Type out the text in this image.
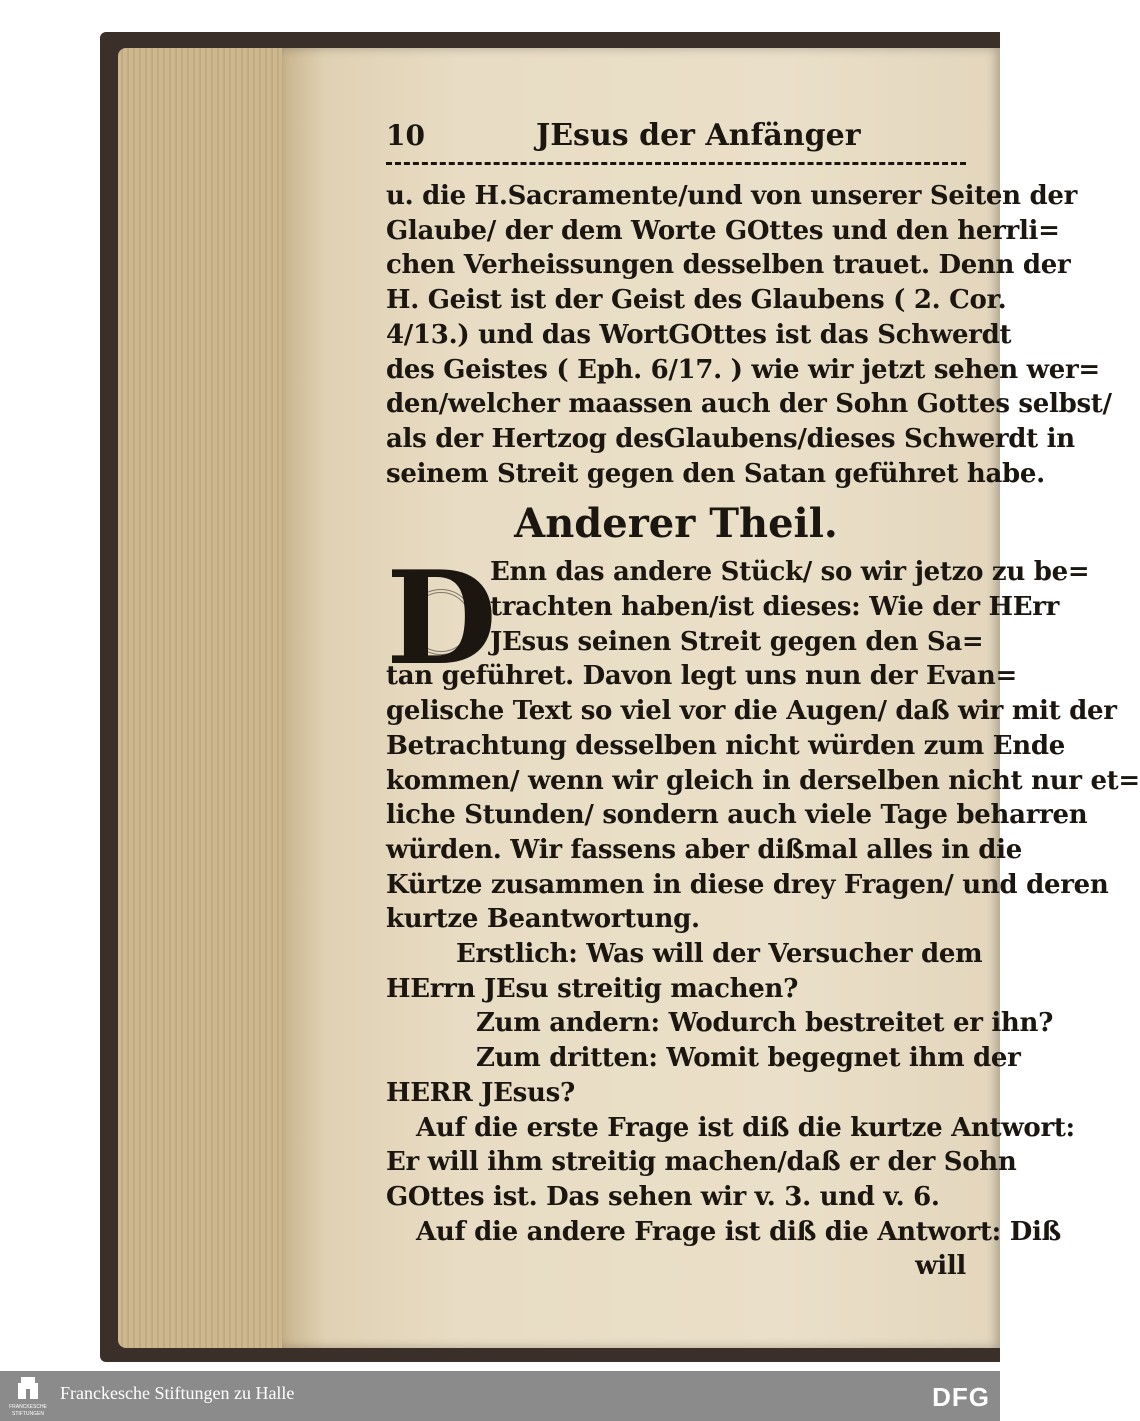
10	JEsus der Anfänger
u. die H.Sacramente/und von unserer Seiten der
Glaube/ der dem Worte GOttes und den herrli=
chen Verheissungen desselben trauet. Denn der
H. Geist ist der Geist des Glaubens ( 2. Cor.
4/13.) und das WortGOttes ist das Schwerdt
des Geistes ( Eph. 6/17. ) wie wir jetzt sehen wer=
den/welcher maassen auch der Sohn Gottes selbst/
als der Hertzog desGlaubens/dieses Schwerdt in
seinem Streit gegen den Satan geführet habe.
Anderer Theil.
D
Enn das andere Stück/ so wir jetzo zu be=
trachten haben/ist dieses: Wie der HErr
JEsus seinen Streit gegen den Sa=
tan geführet. Davon legt uns nun der Evan=
gelische Text so viel vor die Augen/ daß wir mit der
Betrachtung desselben nicht würden zum Ende
kommen/ wenn wir gleich in derselben nicht nur et=
liche Stunden/ sondern auch viele Tage beharren
würden. Wir fassens aber dißmal alles in die
Kürtze zusammen in diese drey Fragen/ und deren
kurtze Beantwortung.
Erstlich: Was will der Versucher dem
HErrn JEsu streitig machen?
Zum andern: Wodurch bestreitet er ihn?
Zum dritten: Womit begegnet ihm der
HERR JEsus?
Auf die erste Frage ist diß die kurtze Antwort:
Er will ihm streitig machen/daß er der Sohn
GOttes ist. Das sehen wir v. 3. und v. 6.
Auf die andere Frage ist diß die Antwort: Diß
will
FRANCKESCHE
STIFTUNGEN
Franckesche Stiftungen zu Halle	DFG
